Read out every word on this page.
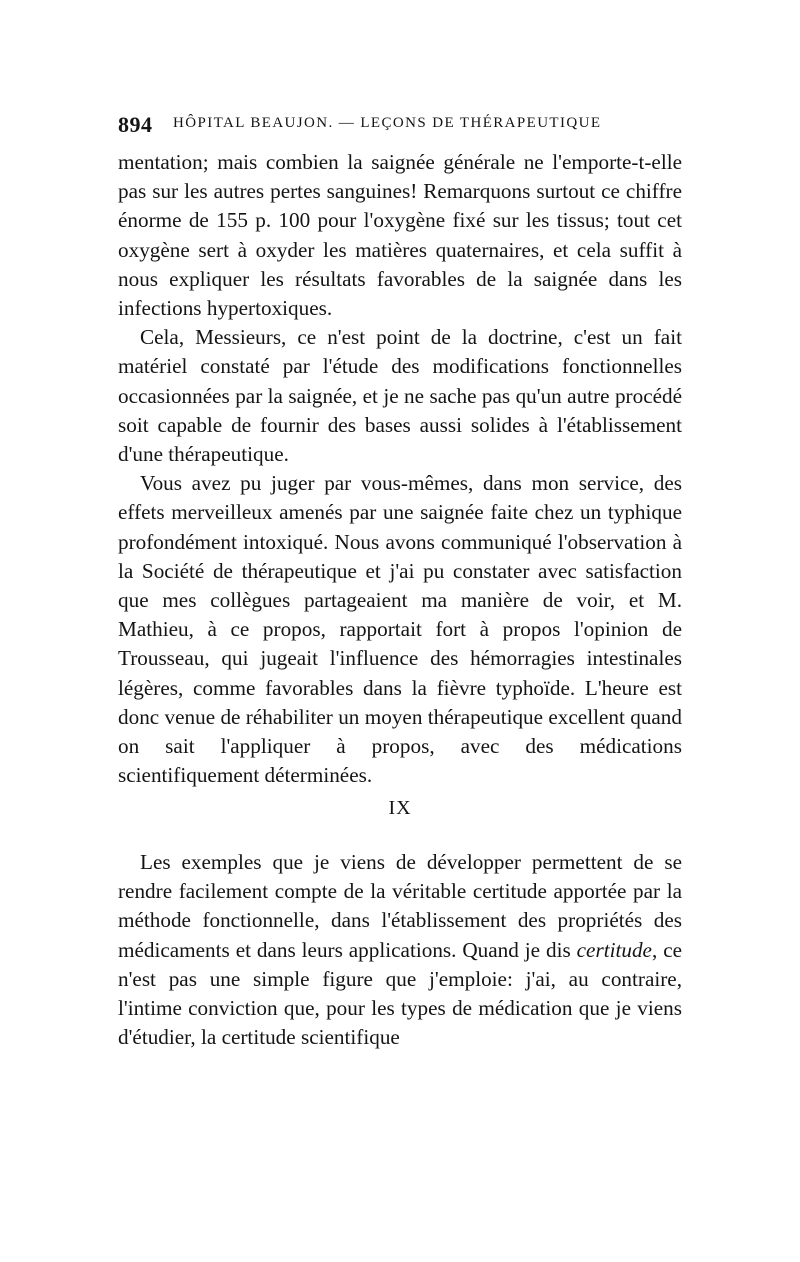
894 HÔPITAL BEAUJON. — LEÇONS DE THÉRAPEUTIQUE

mentation; mais combien la saignée générale ne l'emporte-t-elle pas sur les autres pertes sanguines! Remarquons surtout ce chiffre énorme de 155 p. 100 pour l'oxygène fixé sur les tissus; tout cet oxygène sert à oxyder les matières quaternaires, et cela suffit à nous expliquer les résultats favorables de la saignée dans les infections hypertoxiques.

Cela, Messieurs, ce n'est point de la doctrine, c'est un fait matériel constaté par l'étude des modifications fonctionnelles occasionnées par la saignée, et je ne sache pas qu'un autre procédé soit capable de fournir des bases aussi solides à l'établissement d'une thérapeutique.

Vous avez pu juger par vous-mêmes, dans mon service, des effets merveilleux amenés par une saignée faite chez un typhique profondément intoxiqué. Nous avons communiqué l'observation à la Société de thérapeutique et j'ai pu constater avec satisfaction que mes collègues partageaient ma manière de voir, et M. Mathieu, à ce propos, rapportait fort à propos l'opinion de Trousseau, qui jugeait l'influence des hémorragies intestinales légères, comme favorables dans la fièvre typhoïde. L'heure est donc venue de réhabiliter un moyen thérapeutique excellent quand on sait l'appliquer à propos, avec des médications scientifiquement déterminées.

IX

Les exemples que je viens de développer permettent de se rendre facilement compte de la véritable certitude apportée par la méthode fonctionnelle, dans l'établissement des propriétés des médicaments et dans leurs applications. Quand je dis certitude, ce n'est pas une simple figure que j'emploie: j'ai, au contraire, l'intime conviction que, pour les types de médication que je viens d'étudier, la certitude scientifique
